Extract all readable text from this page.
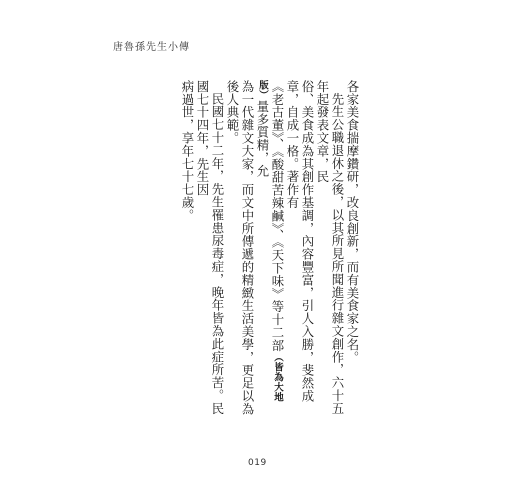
唐魯孫先生小傳
各家美食揣摩鑽研，改良創新，而有美食家之名。
先生公職退休之後，以其所見所聞進行雜文創作，六十五年起發表文章，民
俗、美食成為其創作基調，內容豐富，引人入勝，斐然成章，自成一格。著作有
《老古董》、《酸甜苦辣鹹》、《天下味》等十二部（皆為大地版）量多質精，允
為一代雜文大家，而文中所傳遞的精緻生活美學，更足以為後人典範。
民國七十二年，先生罹患尿毒症，晚年皆為此症所苦。民國七十四年，先生因
病過世，享年七十七歲。
019
